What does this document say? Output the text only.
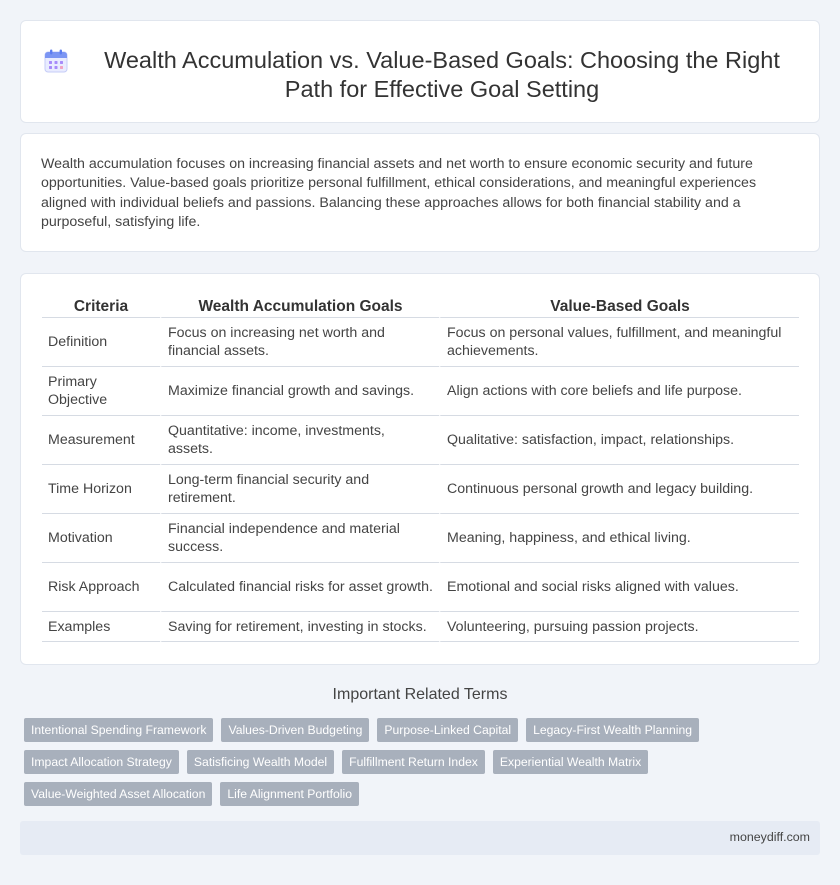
Wealth Accumulation vs. Value-Based Goals: Choosing the Right Path for Effective Goal Setting

Wealth accumulation focuses on increasing financial assets and net worth to ensure economic security and future opportunities. Value-based goals prioritize personal fulfillment, ethical considerations, and meaningful experiences aligned with individual beliefs and passions. Balancing these approaches allows for both financial stability and a purposeful, satisfying life.

Criteria	Wealth Accumulation Goals	Value-Based Goals
Definition	Focus on increasing net worth and financial assets.	Focus on personal values, fulfillment, and meaningful achievements.
Primary Objective	Maximize financial growth and savings.	Align actions with core beliefs and life purpose.
Measurement	Quantitative: income, investments, assets.	Qualitative: satisfaction, impact, relationships.
Time Horizon	Long-term financial security and retirement.	Continuous personal growth and legacy building.
Motivation	Financial independence and material success.	Meaning, happiness, and ethical living.
Risk Approach	Calculated financial risks for asset growth.	Emotional and social risks aligned with values.
Examples	Saving for retirement, investing in stocks.	Volunteering, pursuing passion projects.
Important Related Terms
Intentional Spending Framework	Values-Driven Budgeting	Purpose-Linked Capital	Legacy-First Wealth Planning
Impact Allocation Strategy	Satisficing Wealth Model	Fulfillment Return Index	Experiential Wealth Matrix
Value-Weighted Asset Allocation	Life Alignment Portfolio
moneydiff.com
